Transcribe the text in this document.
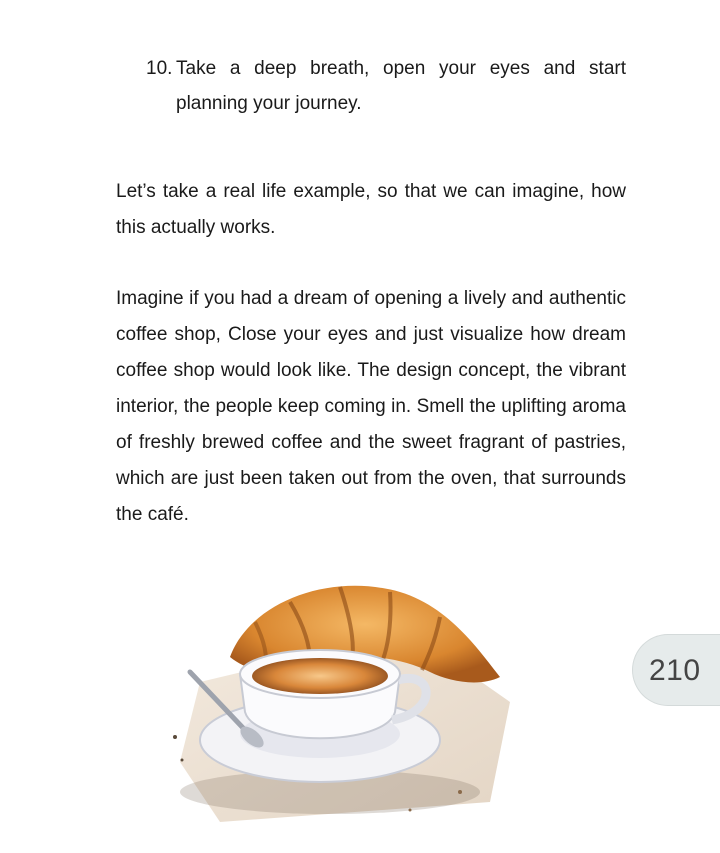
10. Take a deep breath, open your eyes and start
planning your journey.

Let’s take a real life example, so that we can imagine, how this actually works.

Imagine if you had a dream of opening a lively and authentic coffee shop, Close your eyes and just visualize how dream coffee shop would look like. The design concept, the vibrant interior, the people keep coming in. Smell the uplifting aroma of freshly brewed coffee and the sweet fragrant of pastries, which are just been taken out from the oven, that surrounds the café.

210
